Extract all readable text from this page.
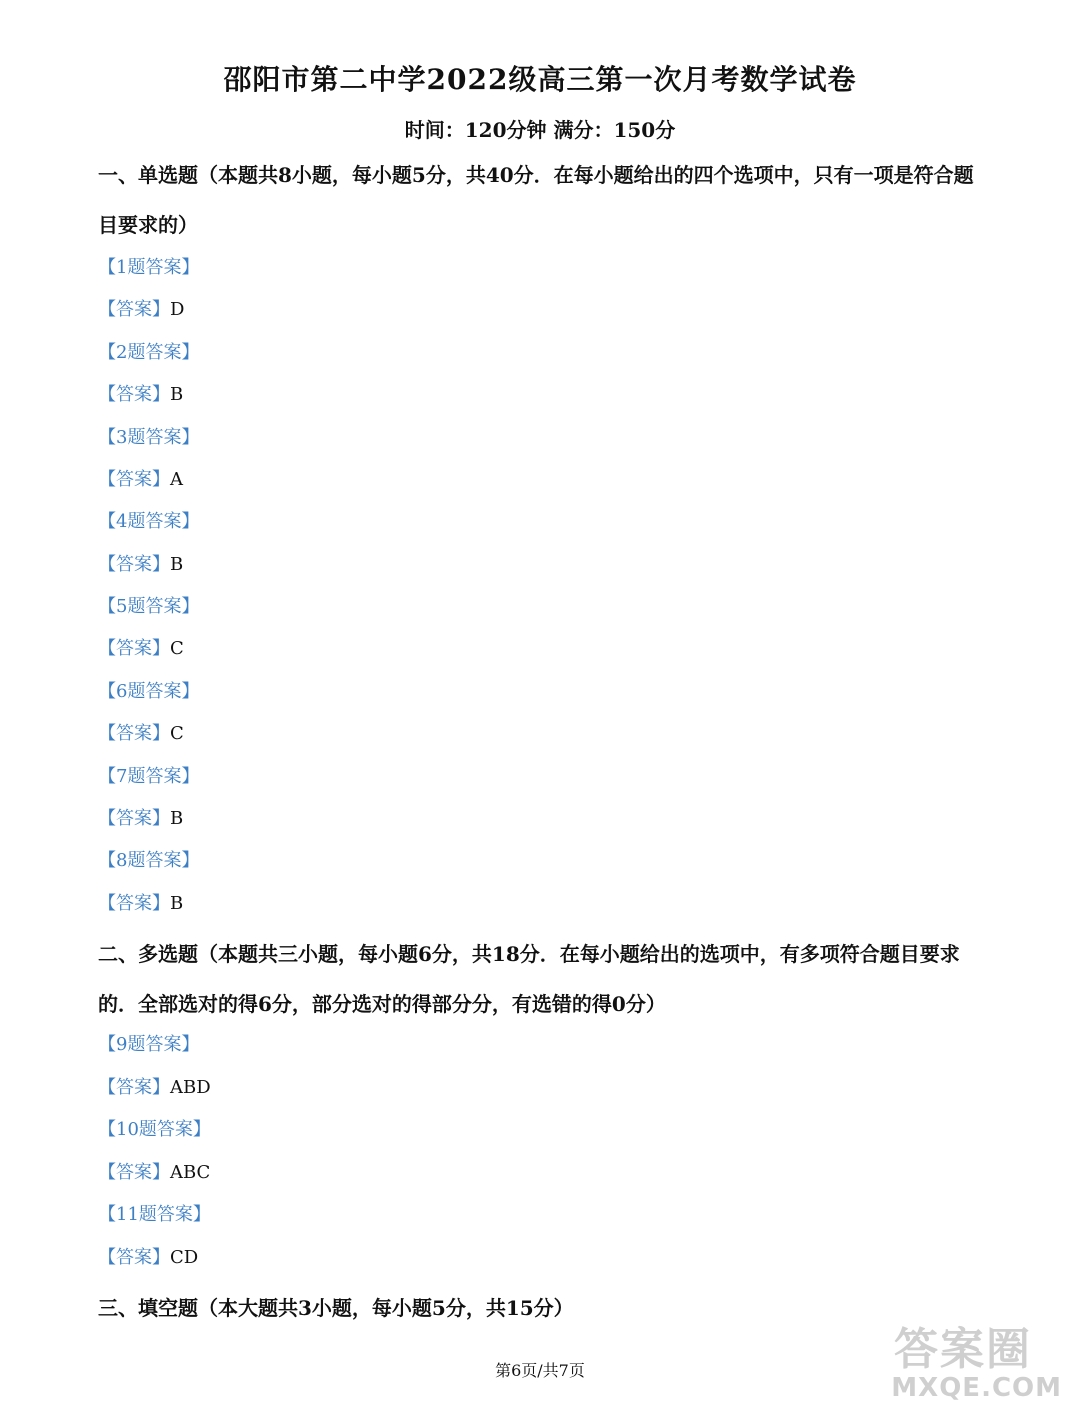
邵阳市第二中学2022级高三第一次月考数学试卷
时间：120分钟 满分：150分
一、单选题（本题共8小题，每小题5分，共40分．在每小题给出的四个选项中，只有一项是符合题目要求的）
【1题答案】
【答案】D
【2题答案】
【答案】B
【3题答案】
【答案】A
【4题答案】
【答案】B
【5题答案】
【答案】C
【6题答案】
【答案】C
【7题答案】
【答案】B
【8题答案】
【答案】B
二、多选题（本题共三小题，每小题6分，共18分．在每小题给出的选项中，有多项符合题目要求的．全部选对的得6分，部分选对的得部分分，有选错的得0分）
【9题答案】
【答案】ABD
【10题答案】
【答案】ABC
【11题答案】
【答案】CD
三、填空题（本大题共3小题，每小题5分，共15分）
第6页/共7页	答案圈
MXQE.COM
